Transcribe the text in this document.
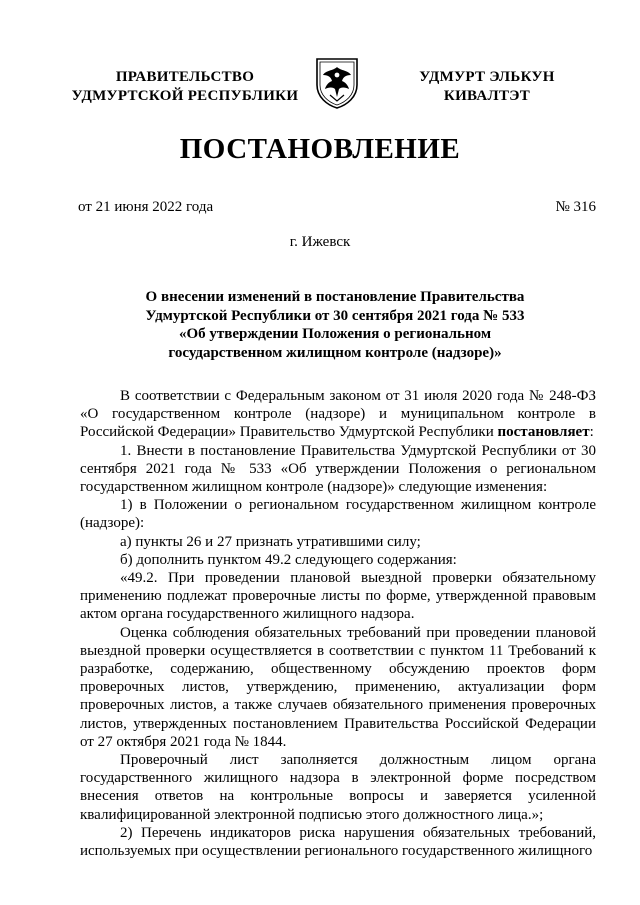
ПРАВИТЕЛЬСТВО
УДМУРТСКОЙ РЕСПУБЛИКИ
УДМУРТ ЭЛЬКУН
КИВАЛТЭТ
ПОСТАНОВЛЕНИЕ
от 21 июня 2022 года	№ 316
г. Ижевск
О внесении изменений в постановление Правительства
Удмуртской Республики от 30 сентября 2021 года № 533
«Об утверждении Положения о региональном
государственном жилищном контроле (надзоре)»

В соответствии с Федеральным законом от 31 июля 2020 года № 248-ФЗ «О государственном контроле (надзоре) и муниципальном контроле в Российской Федерации» Правительство Удмуртской Республики постановляет:

1. Внести в постановление Правительства Удмуртской Республики от 30 сентября 2021 года № 533 «Об утверждении Положения о региональном государственном жилищном контроле (надзоре)» следующие изменения:

1) в Положении о региональном государственном жилищном контроле (надзоре):

а) пункты 26 и 27 признать утратившими силу;

б) дополнить пунктом 49.2 следующего содержания:

«49.2. При проведении плановой выездной проверки обязательному применению подлежат проверочные листы по форме, утвержденной правовым актом органа государственного жилищного надзора.

Оценка соблюдения обязательных требований при проведении плановой выездной проверки осуществляется в соответствии с пунктом 11 Требований к разработке, содержанию, общественному обсуждению проектов форм проверочных листов, утверждению, применению, актуализации форм проверочных листов, а также случаев обязательного применения проверочных листов, утвержденных постановлением Правительства Российской Федерации от 27 октября 2021 года № 1844.

Проверочный лист заполняется должностным лицом органа государственного жилищного надзора в электронной форме посредством внесения ответов на контрольные вопросы и заверяется усиленной квалифицированной электронной подписью этого должностного лица.»;

2) Перечень индикаторов риска нарушения обязательных требований, используемых при осуществлении регионального государственного жилищного
